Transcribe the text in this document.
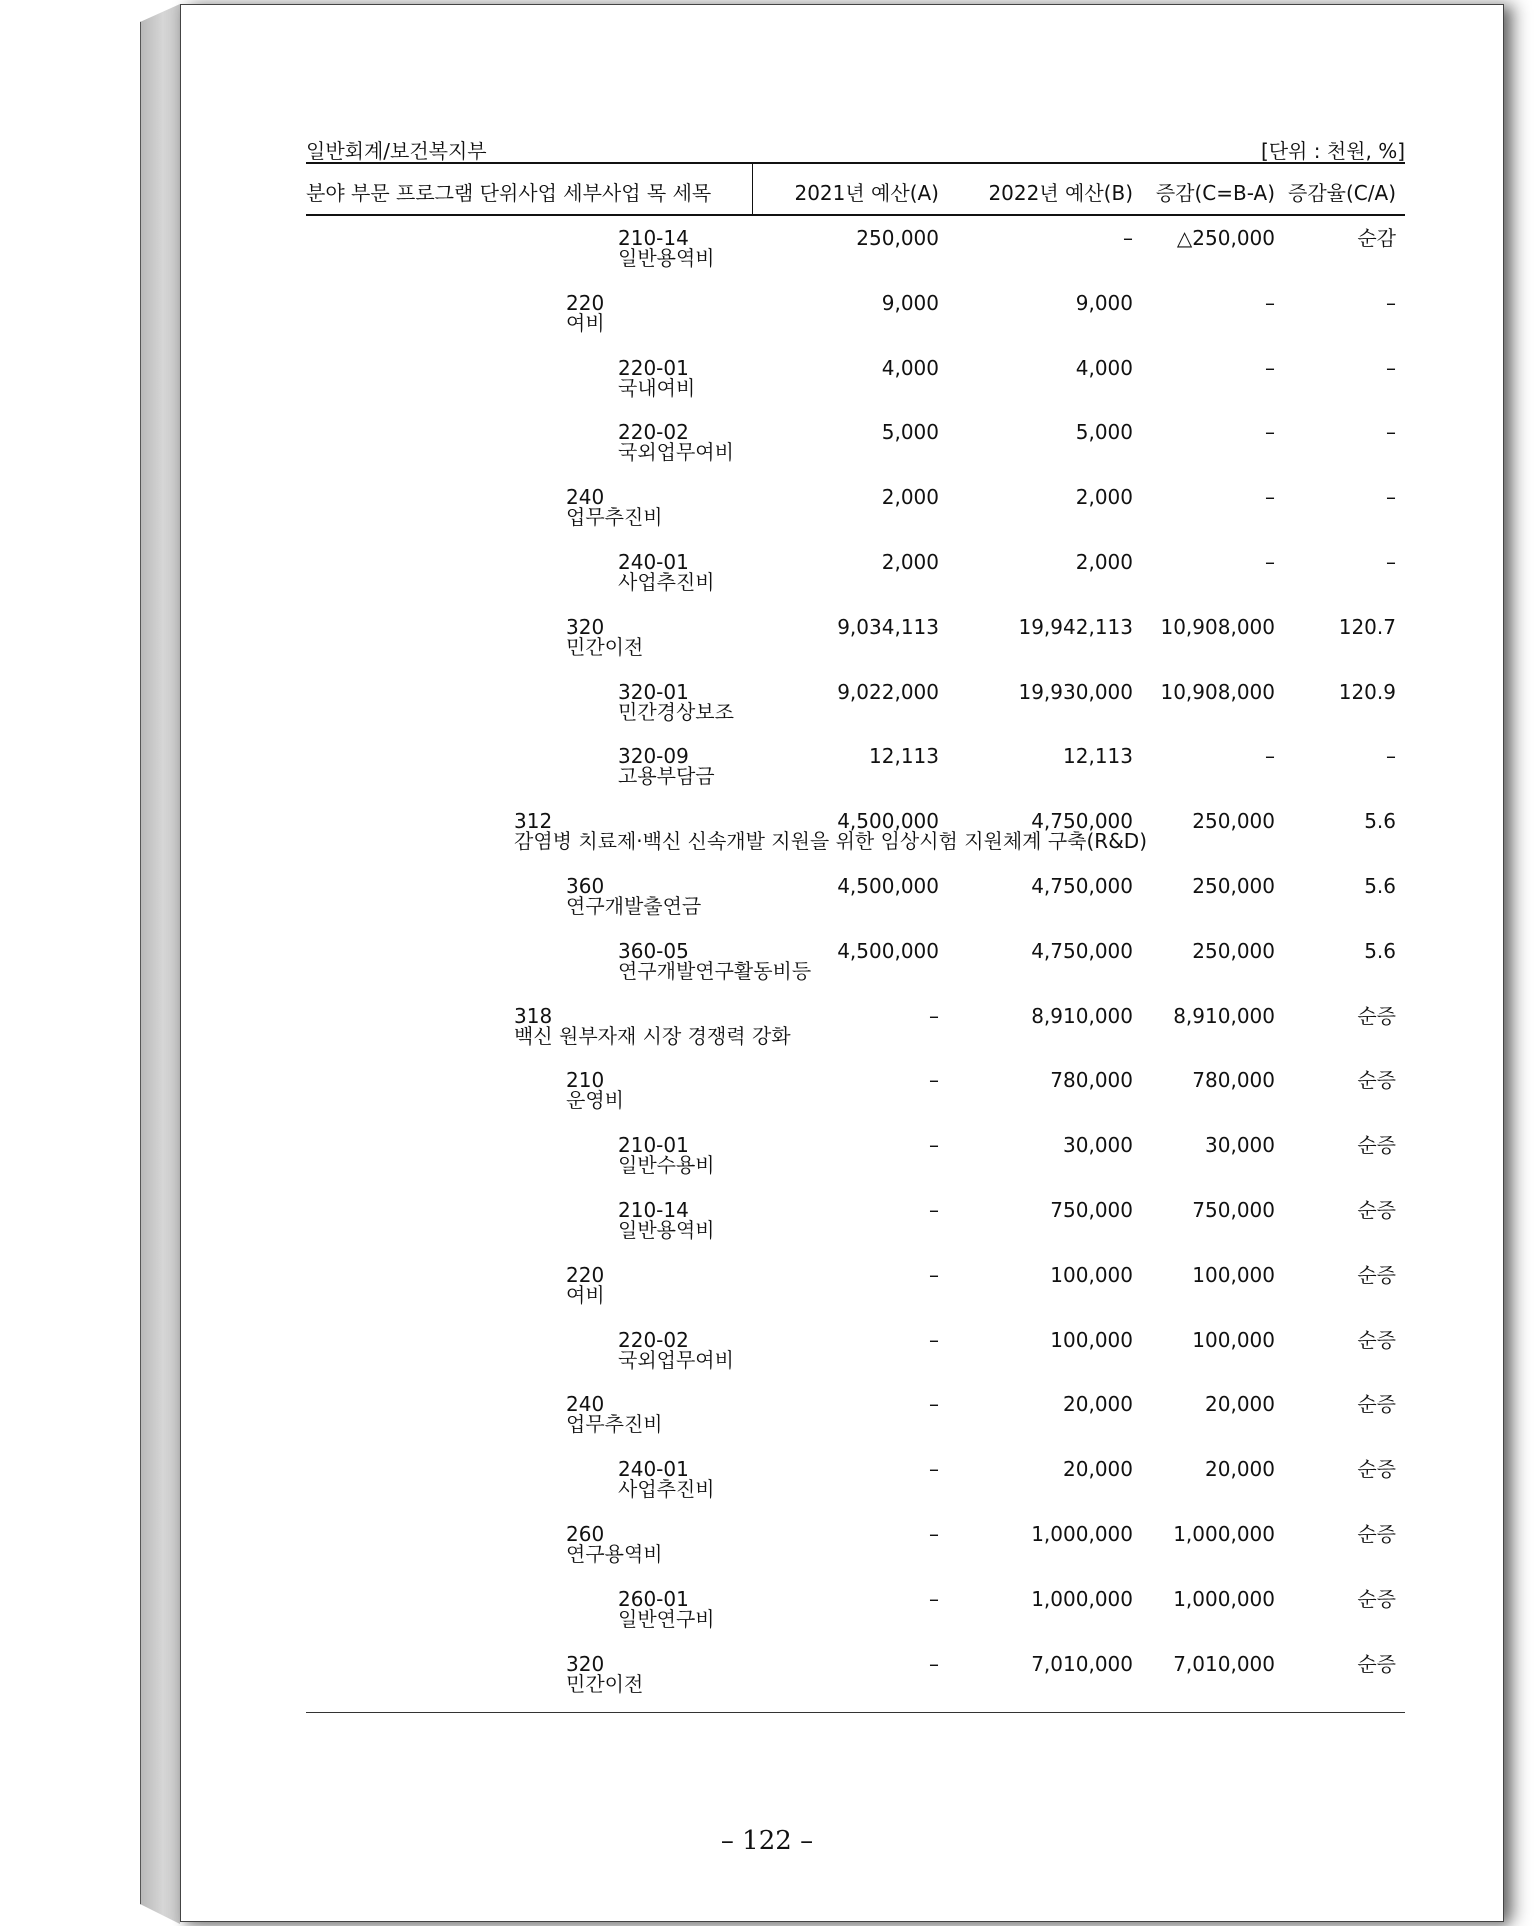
일반회계/보건복지부	[단위 : 천원, %]
분야 부문 프로그램 단위사업 세부사업 목 세목	2021년 예산(A) 2022년 예산(B) 증감(C=B-A) 증감율(C/A)
210-14
일반용역비
250,000	– △250,000	순감
220
여비
9,000	9,000	–	–
220-01
국내여비
4,000	4,000	–	–
220-02
국외업무여비
5,000	5,000	–	–
240
업무추진비
2,000	2,000	–	–
240-01
사업추진비
2,000	2,000	–	–
320
민간이전
9,034,113	19,942,113 10,908,000	120.7
320-01
민간경상보조
9,022,000	19,930,000 10,908,000	120.9
320-09
고용부담금
12,113	12,113	–	–
312
감염병 치료제·백신 신속개발 지원을 위한 임상시험 지원체계 구축(R&D)
4,500,000	4,750,000	250,000	5.6
360
연구개발출연금
4,500,000	4,750,000	250,000	5.6
360-05
연구개발연구활동비등
4,500,000	4,750,000	250,000	5.6
318
백신 원부자재 시장 경쟁력 강화
–	8,910,000 8,910,000	순증
210
운영비
–	780,000	780,000	순증
210-01
일반수용비
–	30,000	30,000	순증
210-14
일반용역비
–	750,000	750,000	순증
220
여비
–	100,000	100,000	순증
220-02
국외업무여비
–	100,000	100,000	순증
240
업무추진비
–	20,000	20,000	순증
240-01
사업추진비
–	20,000	20,000	순증
260
연구용역비
–	1,000,000 1,000,000	순증
260-01
일반연구비
–	1,000,000 1,000,000	순증
320
민간이전
–	7,010,000 7,010,000	순증
– 122 –
